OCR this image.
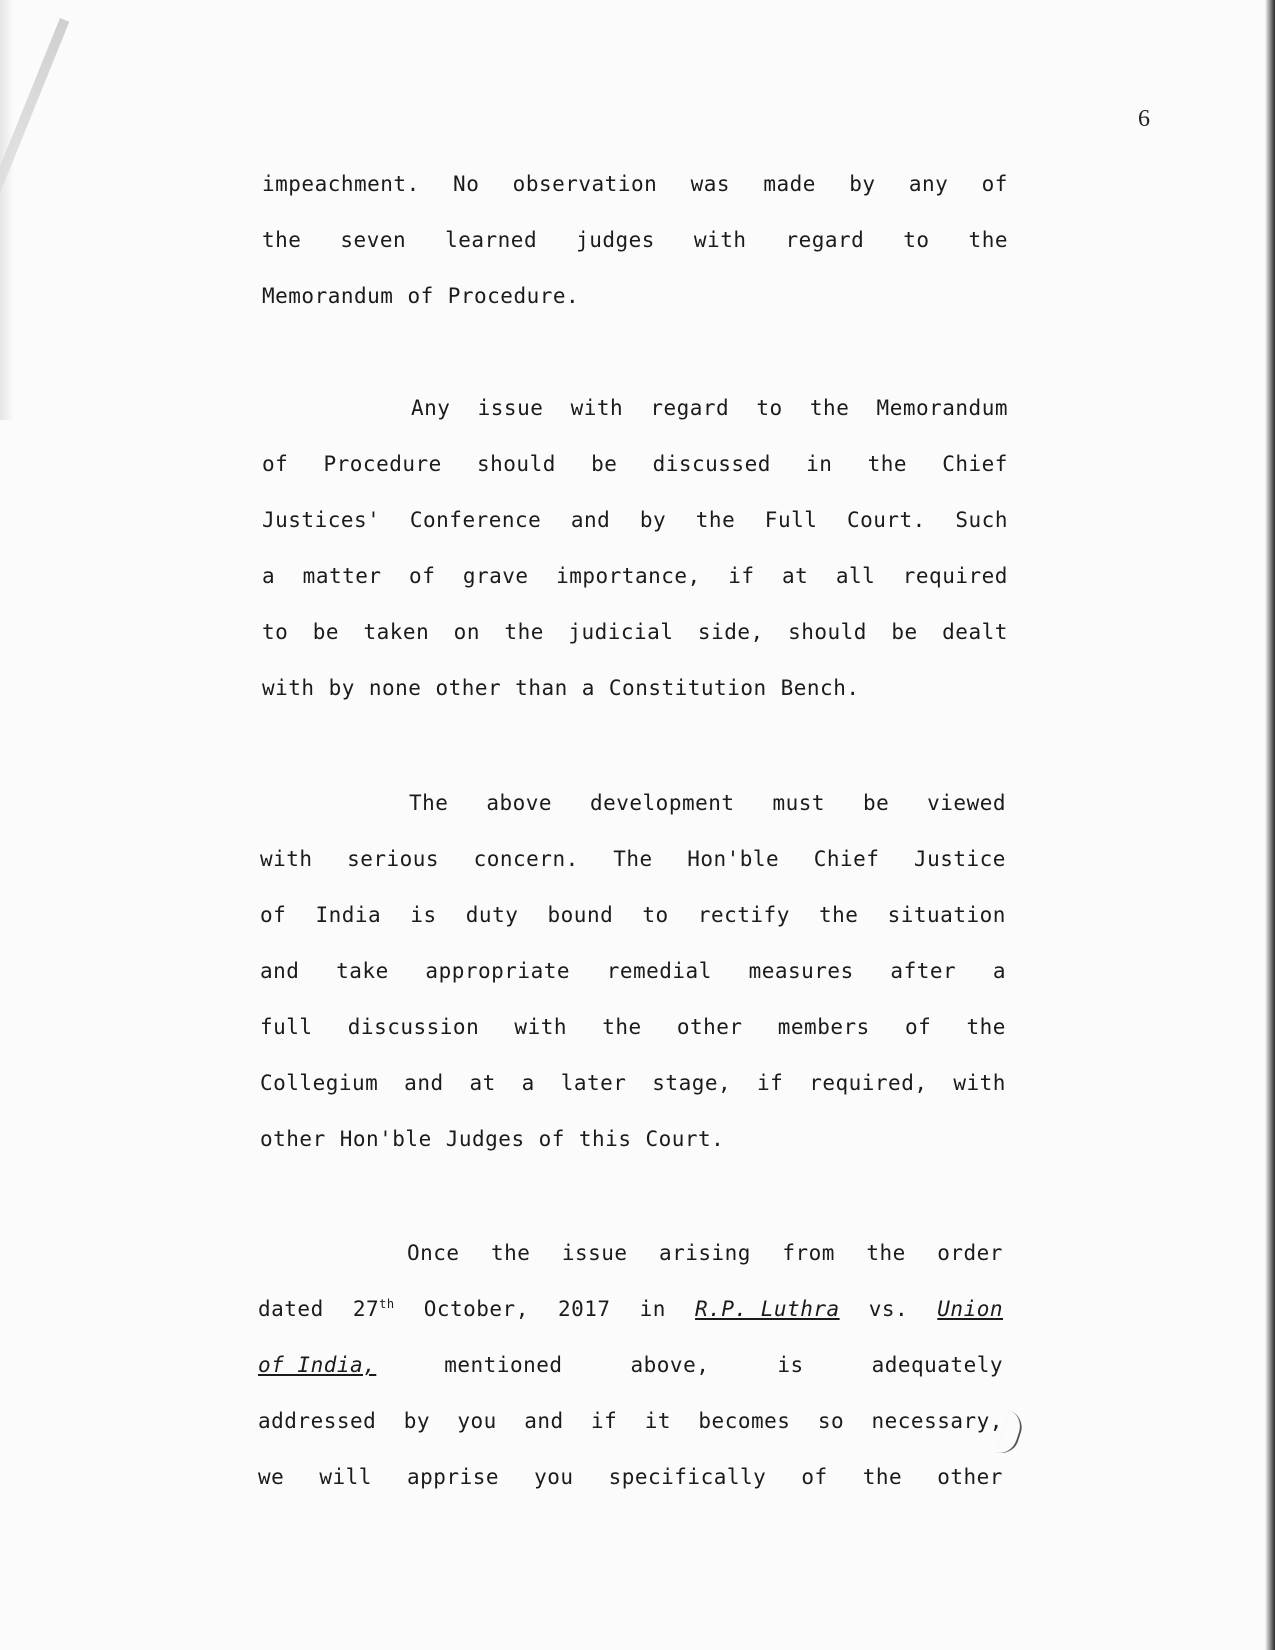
6
impeachment. No observation was made by any of
the seven learned judges with regard to the
Memorandum of Procedure.
Any issue with regard to the Memorandum
of Procedure should be discussed in the Chief
Justices' Conference and by the Full Court. Such
a matter of grave importance, if at all required
to be taken on the judicial side, should be dealt
with by none other than a Constitution Bench.
The above development must be viewed
with serious concern. The Hon'ble Chief Justice
of India is duty bound to rectify the situation
and take appropriate remedial measures after a
full discussion with the other members of the
Collegium and at a later stage, if required, with
other Hon'ble Judges of this Court.
Once the issue arising from the order
dated 27th October, 2017 in R.P. Luthra vs. Union
of India,	mentioned	above,	is	adequately
addressed by you and if it becomes so necessary,
we will apprise you specifically of the other
